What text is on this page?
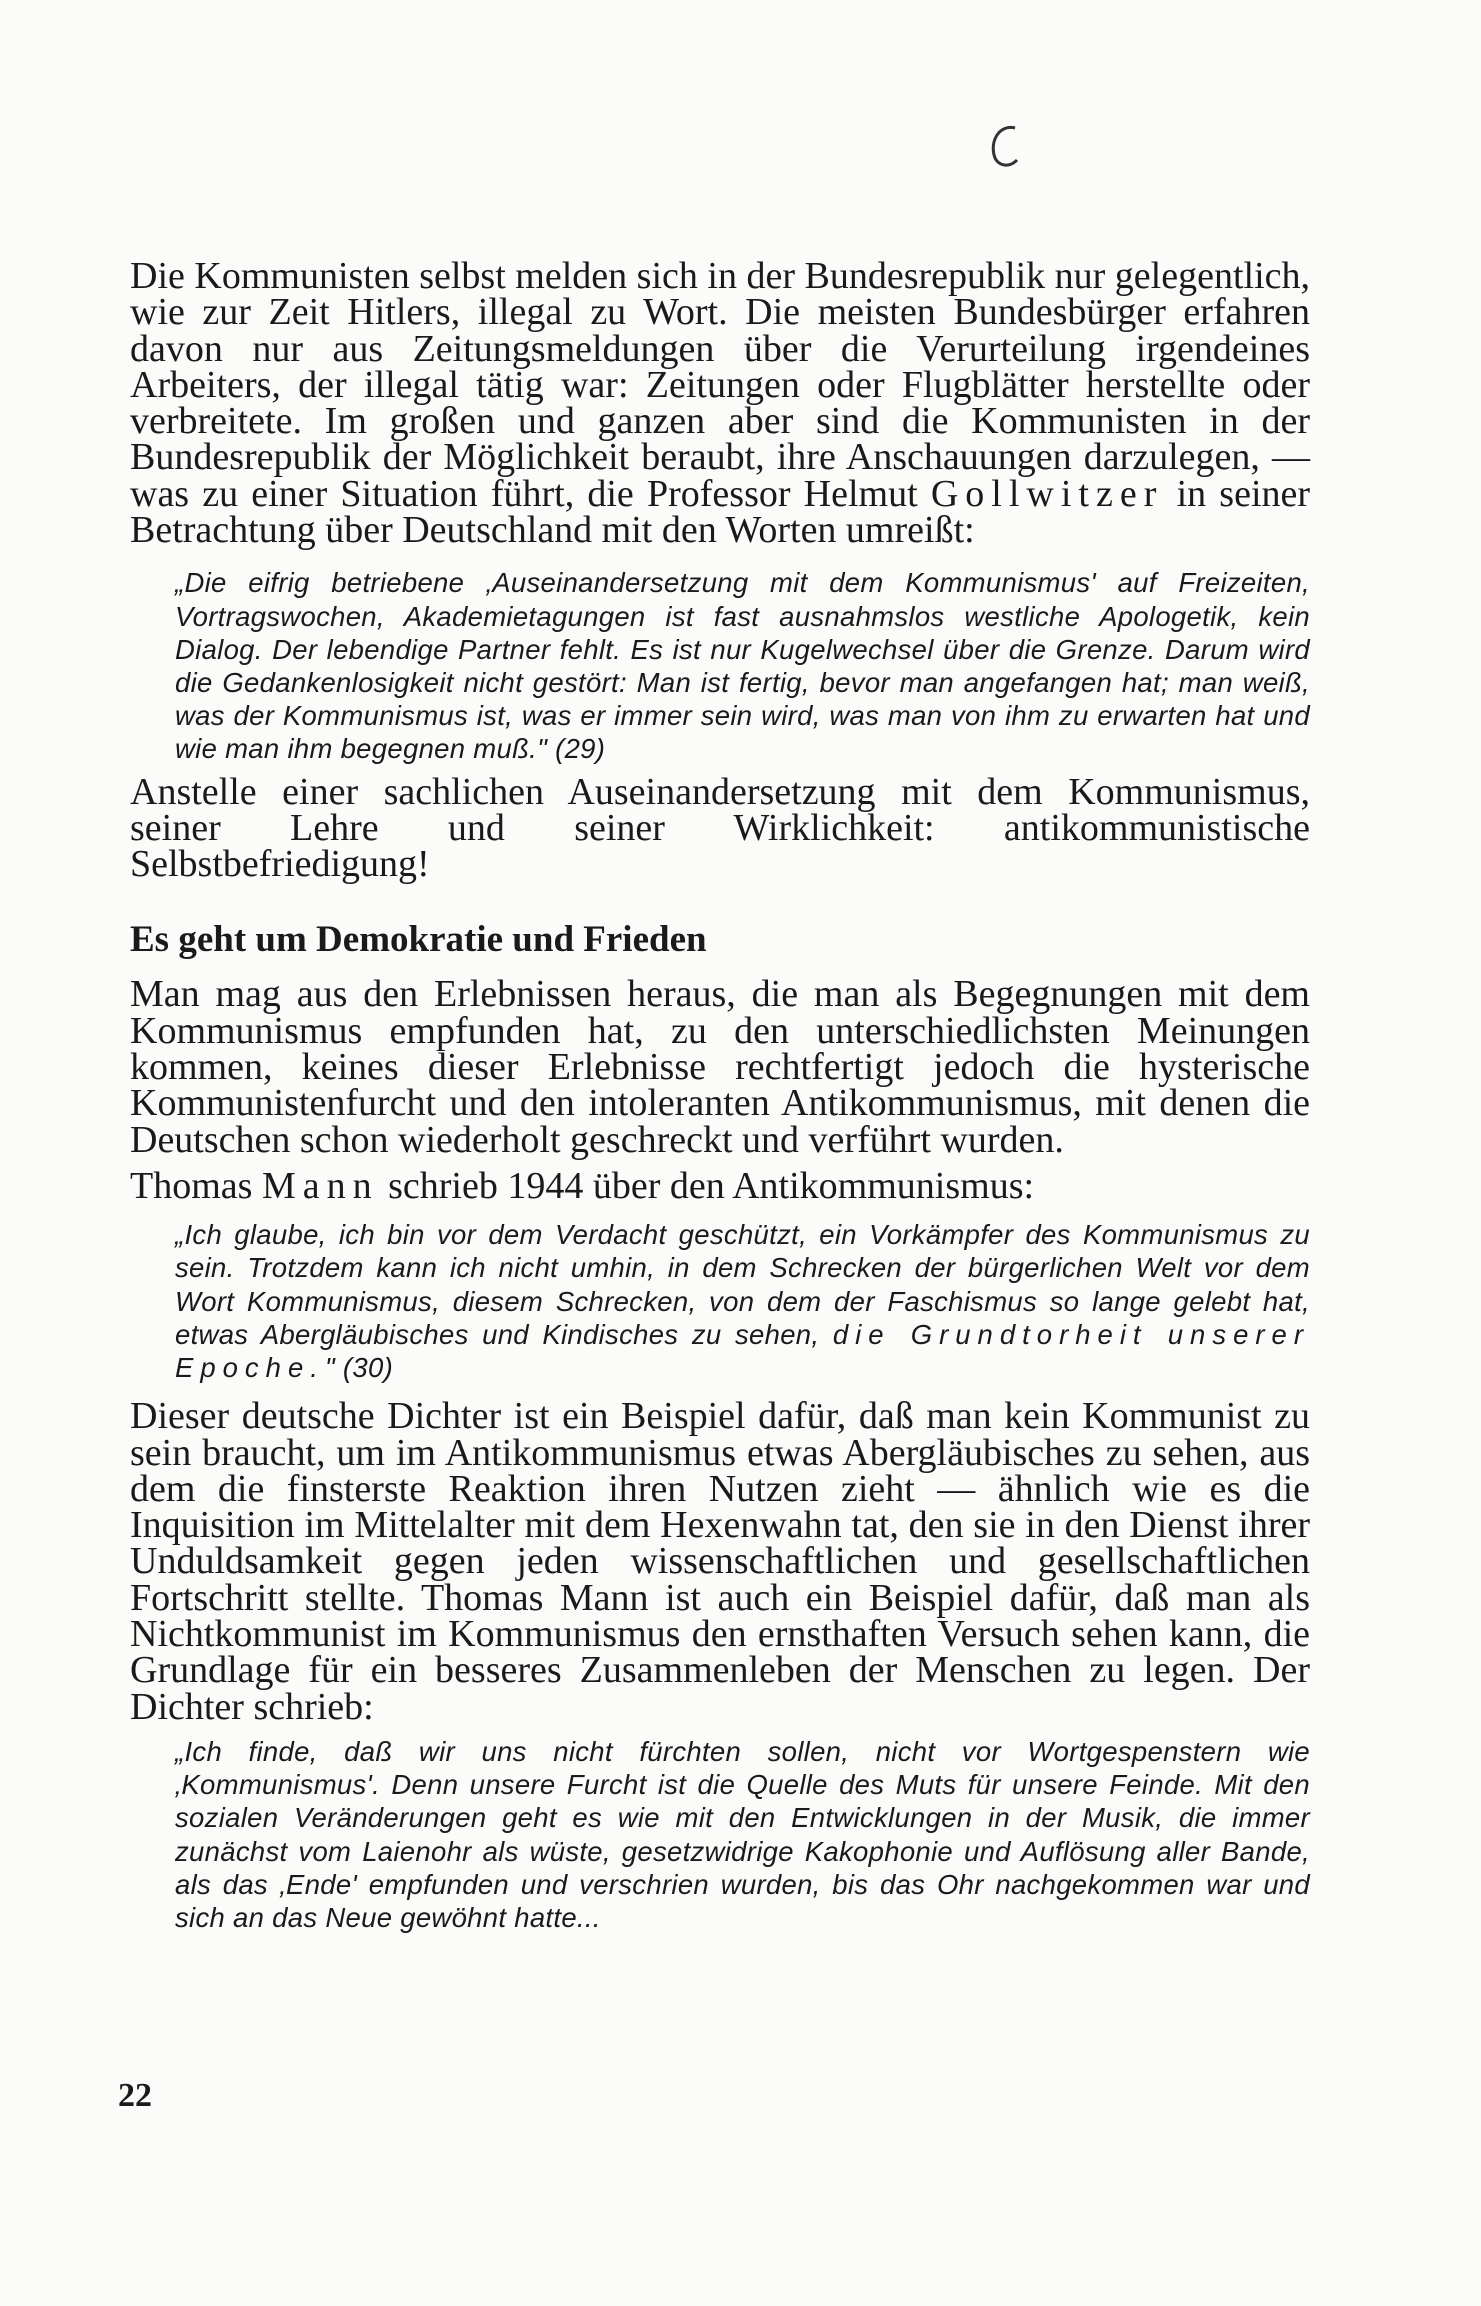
Die Kommunisten selbst melden sich in der Bundesrepublik nur gelegentlich, wie zur Zeit Hitlers, illegal zu Wort. Die meisten Bundesbürger erfahren davon nur aus Zeitungsmeldungen über die Verurteilung irgendeines Arbeiters, der illegal tätig war: Zeitungen oder Flugblätter herstellte oder verbreitete. Im großen und ganzen aber sind die Kommunisten in der Bundesrepublik der Möglichkeit beraubt, ihre Anschauungen darzulegen, — was zu einer Situation führt, die Professor Helmut Gollwitzer in seiner Betrachtung über Deutschland mit den Worten umreißt:

„Die eifrig betriebene ‚Auseinandersetzung mit dem Kommunismus' auf Freizeiten, Vortragswochen, Akademietagungen ist fast ausnahmslos westliche Apologetik, kein Dialog. Der lebendige Partner fehlt. Es ist nur Kugelwechsel über die Grenze. Darum wird die Gedankenlosigkeit nicht gestört: Man ist fertig, bevor man angefangen hat; man weiß, was der Kommunismus ist, was er immer sein wird, was man von ihm zu erwarten hat und wie man ihm begegnen muß." (29)

Anstelle einer sachlichen Auseinandersetzung mit dem Kommunismus, seiner Lehre und seiner Wirklichkeit: antikommunistische Selbstbefriedigung!

Es geht um Demokratie und Frieden

Man mag aus den Erlebnissen heraus, die man als Begegnungen mit dem Kommunismus empfunden hat, zu den unterschiedlichsten Meinungen kommen, keines dieser Erlebnisse rechtfertigt jedoch die hysterische Kommunistenfurcht und den intoleranten Antikommunismus, mit denen die Deutschen schon wiederholt geschreckt und verführt wurden.

Thomas Mann schrieb 1944 über den Antikommunismus:

„Ich glaube, ich bin vor dem Verdacht geschützt, ein Vorkämpfer des Kommunismus zu sein. Trotzdem kann ich nicht umhin, in dem Schrecken der bürgerlichen Welt vor dem Wort Kommunismus, diesem Schrecken, von dem der Faschismus so lange gelebt hat, etwas Abergläubisches und Kindisches zu sehen, die Grundtorheit unserer Epoche." (30)

Dieser deutsche Dichter ist ein Beispiel dafür, daß man kein Kommunist zu sein braucht, um im Antikommunismus etwas Abergläubisches zu sehen, aus dem die finsterste Reaktion ihren Nutzen zieht — ähnlich wie es die Inquisition im Mittelalter mit dem Hexenwahn tat, den sie in den Dienst ihrer Unduldsamkeit gegen jeden wissenschaftlichen und gesellschaftlichen Fortschritt stellte. Thomas Mann ist auch ein Beispiel dafür, daß man als Nichtkommunist im Kommunismus den ernsthaften Versuch sehen kann, die Grundlage für ein besseres Zusammenleben der Menschen zu legen. Der Dichter schrieb:

„Ich finde, daß wir uns nicht fürchten sollen, nicht vor Wortgespenstern wie ‚Kommunismus'. Denn unsere Furcht ist die Quelle des Muts für unsere Feinde. Mit den sozialen Veränderungen geht es wie mit den Entwicklungen in der Musik, die immer zunächst vom Laienohr als wüste, gesetzwidrige Kakophonie und Auflösung aller Bande, als das ‚Ende' empfunden und verschrien wurden, bis das Ohr nachgekommen war und sich an das Neue gewöhnt hatte...

22
